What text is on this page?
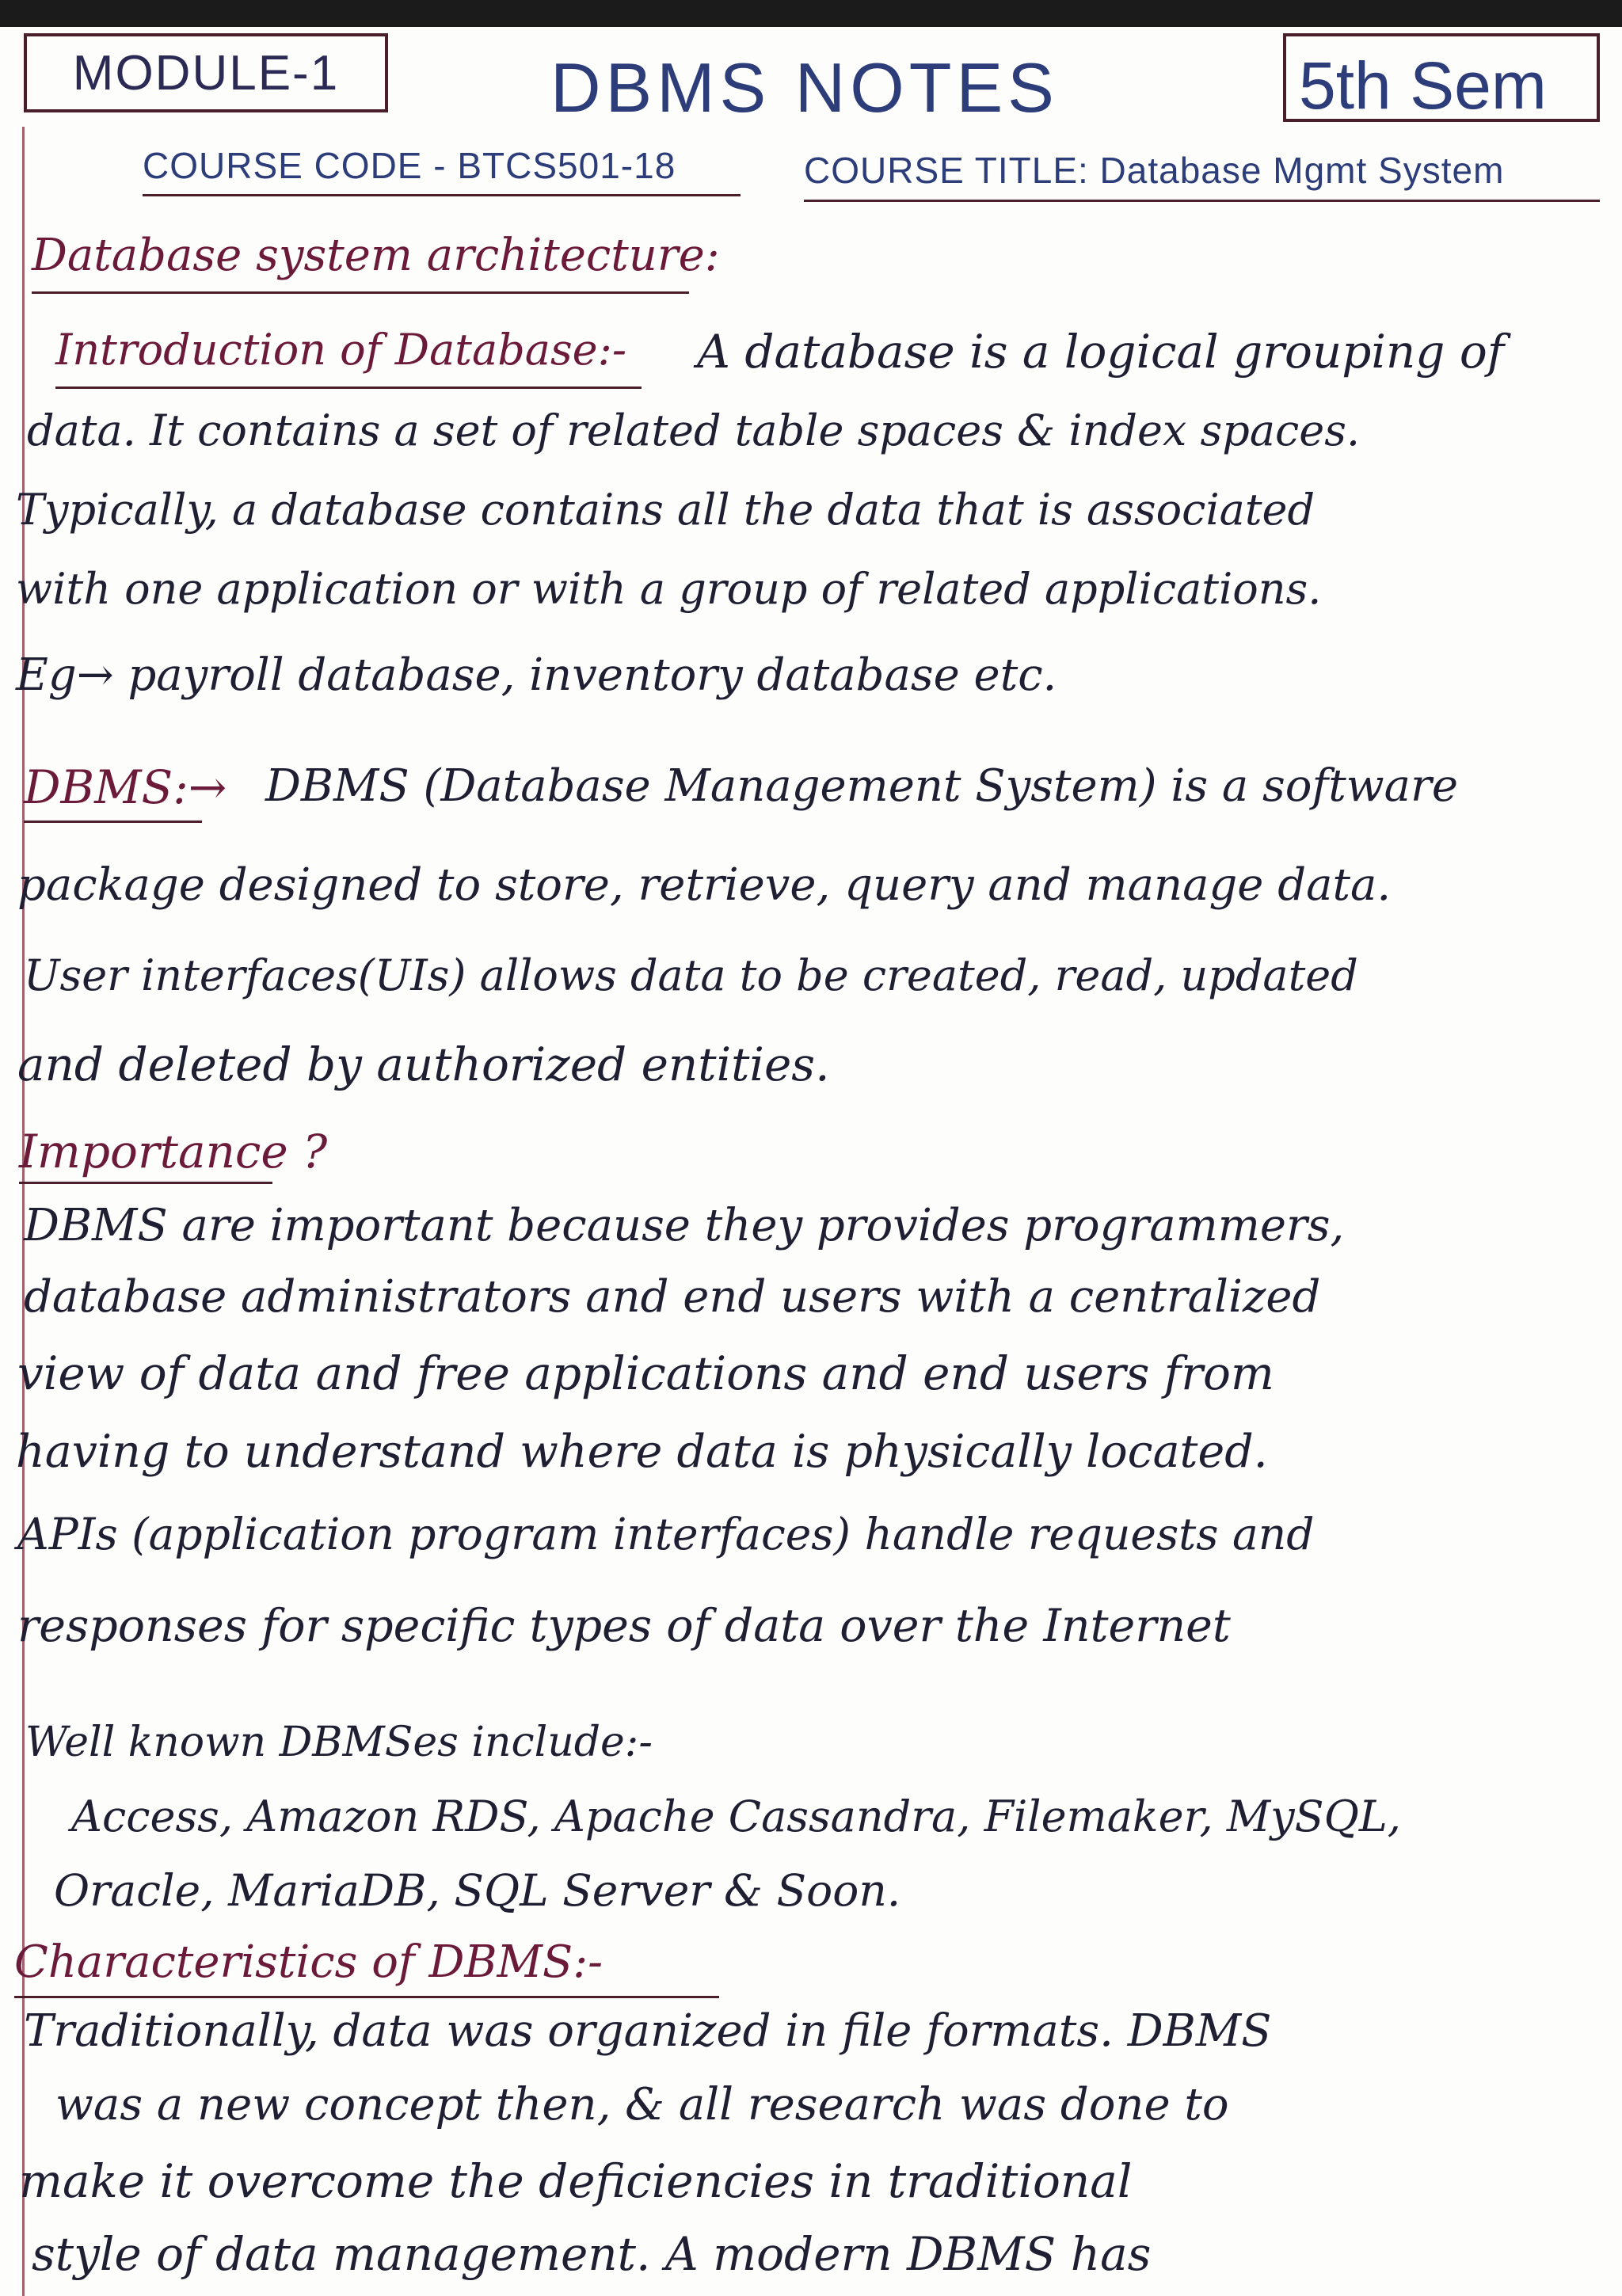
MODULE-1	DBMS NOTES	5th Sem

COURSE CODE - BTCS501-18	COURSE TITLE: Database Mgmt System

Database system architecture:

Introduction of Database:- A database is a logical grouping of

data. It contains a set of related table spaces & index spaces.

Typically, a database contains all the data that is associated

with one application or with a group of related applications.

Eg→ payroll database, inventory database etc.

DBMS:→ DBMS (Database Management System) is a software

package designed to store, retrieve, query and manage data.

User interfaces(UIs) allows data to be created, read, updated

and deleted by authorized entities.

Importance ?

DBMS are important because they provides programmers,

database administrators and end users with a centralized

view of data and free applications and end users from

having to understand where data is physically located.

APIs (application program interfaces) handle requests and

responses for specific types of data over the Internet

Well known DBMSes include:-

Access, Amazon RDS, Apache Cassandra, Filemaker, MySQL,

Oracle, MariaDB, SQL Server & Soon.

Characteristics of DBMS:-

Traditionally, data was organized in file formats. DBMS

was a new concept then, & all research was done to

make it overcome the deficiencies in traditional

style of data management. A modern DBMS has
